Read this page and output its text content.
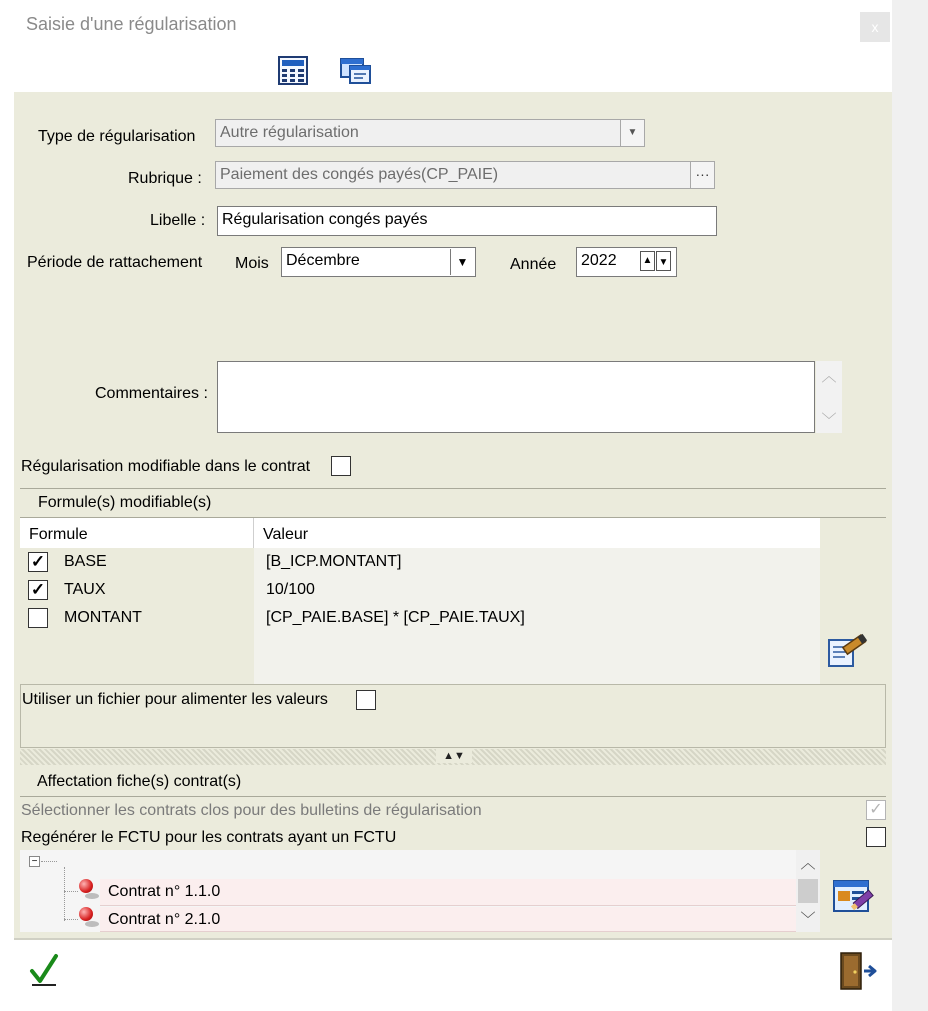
Saisie d'une régularisation	x
Type de régularisation	Autre régularisation	▼
Rubrique :	Paiement des congés payés(CP_PAIE)	···
Libelle :	Régularisation congés payés
Période de rattachement Mois	Décembre	▼	Année	2022	▲ ▼
Commentaires :
︿
﹀
Régularisation modifiable dans le contrat
Formule(s) modifiable(s)
Formule	Valeur
✓ BASE	[B_ICP.MONTANT]
✓ TAUX	10/100
MONTANT	[CP_PAIE.BASE] * [CP_PAIE.TAUX]
Utiliser un fichier pour alimenter les valeurs
▲▼
Affectation fiche(s) contrat(s)
Sélectionner les contrats clos pour des bulletins de régularisation	✓
Regénérer le FCTU pour les contrats ayant un FCTU
−
Contrat n° 1.1.0
Contrat n° 2.1.0
︿
﹀
